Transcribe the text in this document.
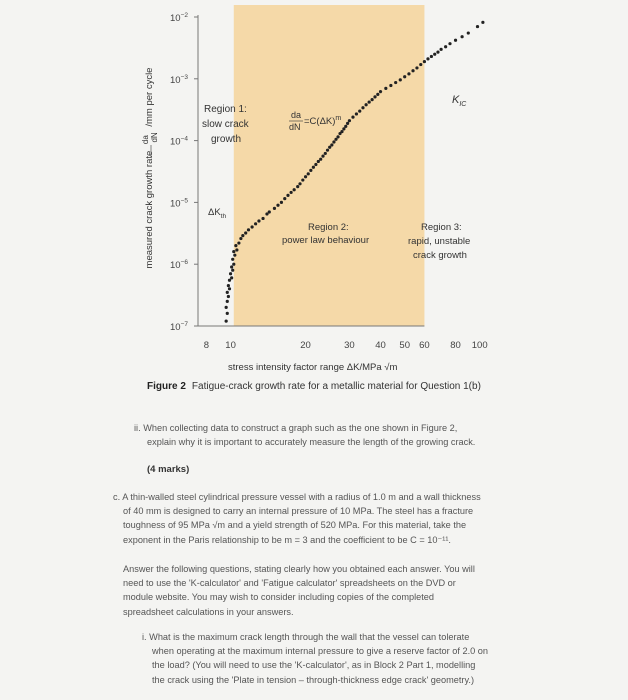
$10^{-2}$
$10^{-3}$
$10^{-4}$
$10^{-5}$
$10^{-6}$
$10^{-7}$
8 10	20	30 40 50 60 80 100
measured crack growth rate $^{da}$ dN /mm per cycle
stress intensity factor range ΔK/MPa √m
Region 1:
slow crack
growth
$\Delta K_{th}$
da
dN $=C(\Delta K)^m$
Region 2:
power law behaviour
Region 3:
rapid, unstable
crack growth
$K_{IC}$
Figure 2 Fatigue-crack growth rate for a metallic material for Question 1(b)
ii. When collecting data to construct a graph such as the one shown in Figure 2,
explain why it is important to accurately measure the length of the growing crack.
(4 marks)
c. A thin-walled steel cylindrical pressure vessel with a radius of 1.0 m and a wall thickness
of 40 mm is designed to carry an internal pressure of 10 MPa. The steel has a fracture
toughness of 95 MPa √m and a yield strength of 520 MPa. For this material, take the
exponent in the Paris relationship to be m = 3 and the coefficient to be C = 10⁻¹¹.
Answer the following questions, stating clearly how you obtained each answer. You will
need to use the 'K-calculator' and 'Fatigue calculator' spreadsheets on the DVD or
module website. You may wish to consider including copies of the completed
spreadsheet calculations in your answers.
i. What is the maximum crack length through the wall that the vessel can tolerate
when operating at the maximum internal pressure to give a reserve factor of 2.0 on
the load? (You will need to use the 'K-calculator', as in Block 2 Part 1, modelling
the crack using the 'Plate in tension – through-thickness edge crack' geometry.)
